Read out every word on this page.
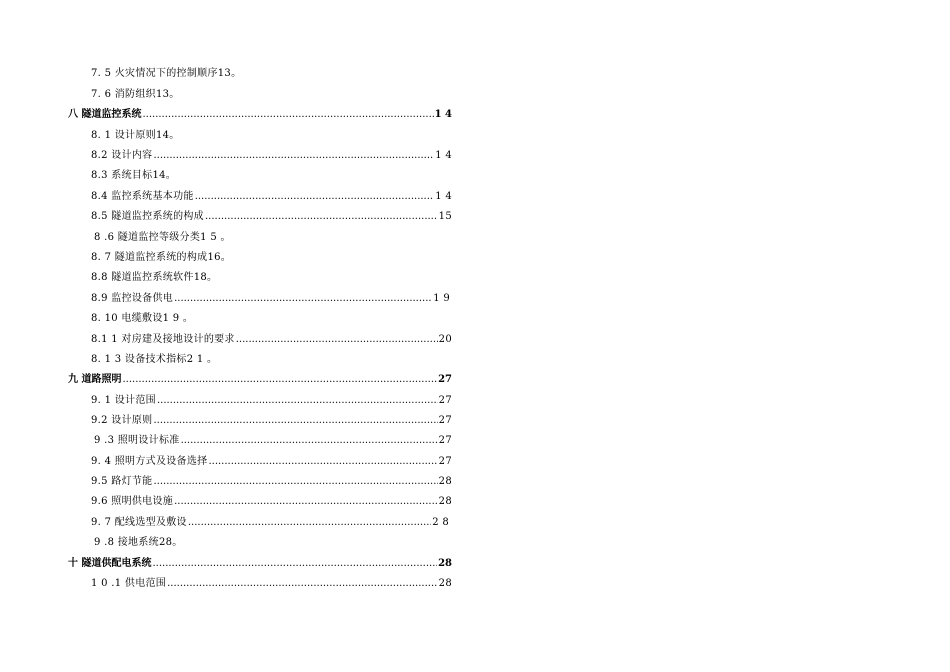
7. 5 火灾情况下的控制顺序13。
7. 6 消防组织13。
八 隧道监控系统 .....	1 4
8. 1 设计原则14。
8.2 设计内容 .....	1 4
8.3 系统目标14。
8.4 监控系统基本功能 .....	1 4
8.5 隧道监控系统的构成 .....	15
8 .6 隧道监控等级分类1 5 。
8. 7 隧道监控系统的构成16。
8.8 隧道监控系统软件18。
8.9 监控设备供电 .....	1 9
8. 10 电缆敷设1 9 。
8.1 1 对房建及接地设计的要求 .....	20
8. 1 3 设备技术指标2 1 。
九 道路照明 .....	27
9. 1 设计范围 .....	27
9.2 设计原则 .....	27
9 .3 照明设计标准 .....	27
9. 4 照明方式及设备选择 .....	27
9.5 路灯节能 .....	28
9.6 照明供电设施 .....	28
9. 7 配线选型及敷设 .....	2 8
9 .8 接地系统28。
十 隧道供配电系统 .....	28
1 0 .1 供电范围 .....	28
